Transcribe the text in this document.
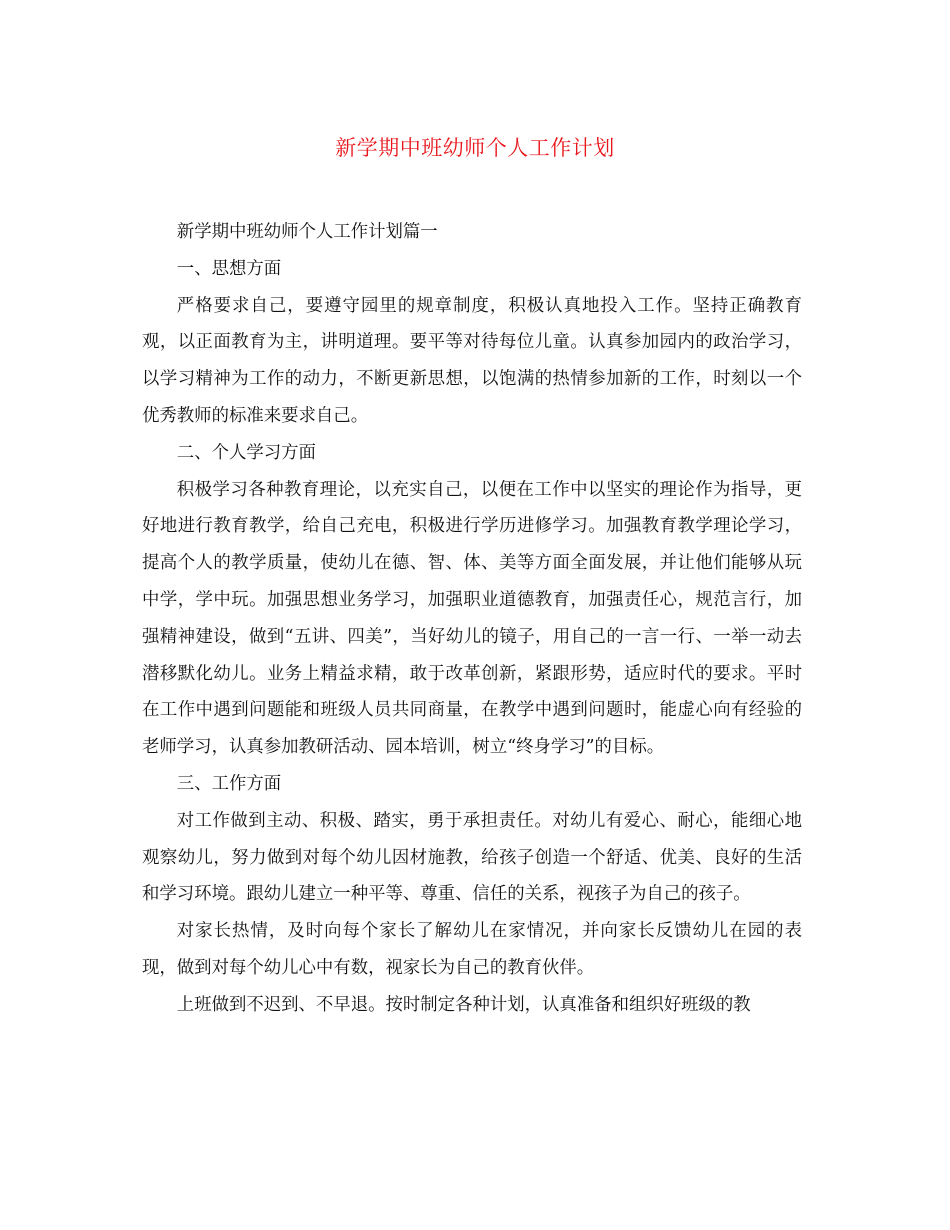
新学期中班幼师个人工作计划

新学期中班幼师个人工作计划篇一

一、思想方面

严格要求自己，要遵守园里的规章制度，积极认真地投入工作。坚持正确教育观，以正面教育为主，讲明道理。要平等对待每位儿童。认真参加园内的政治学习，以学习精神为工作的动力，不断更新思想，以饱满的热情参加新的工作，时刻以一个优秀教师的标准来要求自己。

二、个人学习方面

积极学习各种教育理论，以充实自己，以便在工作中以坚实的理论作为指导，更好地进行教育教学，给自己充电，积极进行学历进修学习。加强教育教学理论学习，提高个人的教学质量，使幼儿在德、智、体、美等方面全面发展，并让他们能够从玩中学，学中玩。加强思想业务学习，加强职业道德教育，加强责任心，规范言行，加强精神建设，做到“五讲、四美”，当好幼儿的镜子，用自己的一言一行、一举一动去潜移默化幼儿。业务上精益求精，敢于改革创新，紧跟形势，适应时代的要求。平时在工作中遇到问题能和班级人员共同商量，在教学中遇到问题时，能虚心向有经验的老师学习，认真参加教研活动、园本培训，树立“终身学习”的目标。

三、工作方面

对工作做到主动、积极、踏实，勇于承担责任。对幼儿有爱心、耐心，能细心地观察幼儿，努力做到对每个幼儿因材施教，给孩子创造一个舒适、优美、良好的生活和学习环境。跟幼儿建立一种平等、尊重、信任的关系，视孩子为自己的孩子。

对家长热情，及时向每个家长了解幼儿在家情况，并向家长反馈幼儿在园的表现，做到对每个幼儿心中有数，视家长为自己的教育伙伴。

上班做到不迟到、不早退。按时制定各种计划，认真准备和组织好班级的教
